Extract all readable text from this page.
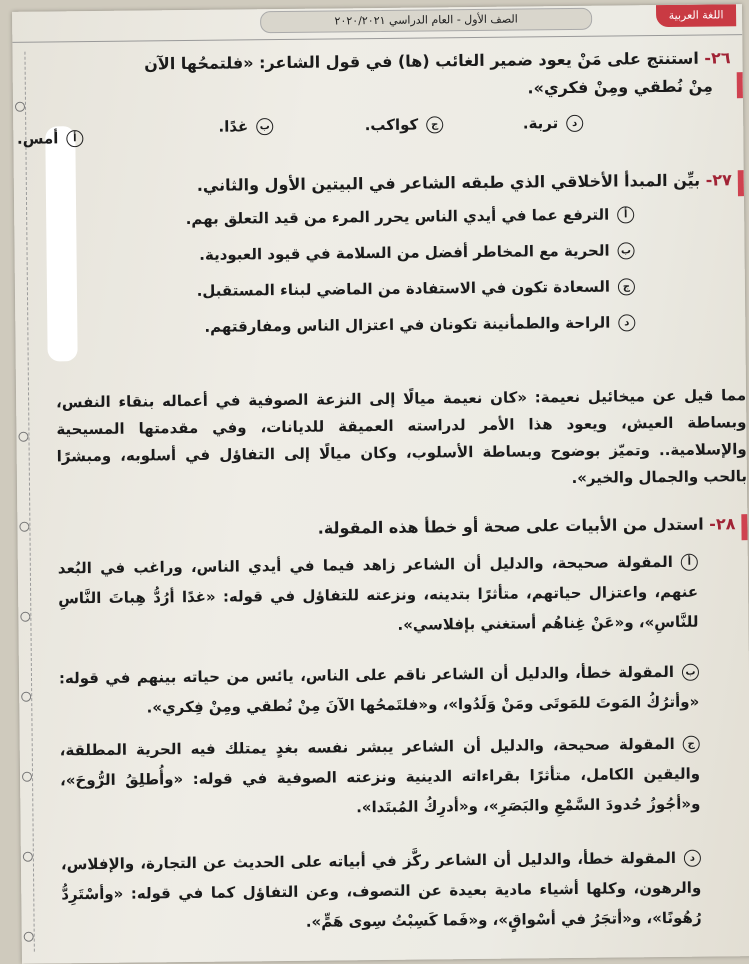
الصف الأول - العام الدراسي ٢٠٢٠/٢٠٢١	اللغة العربية
٢٦- استنتج على مَنْ يعود ضمير الغائب (ها) في قول الشاعر: «فلتمحُها الآن
مِنْ نُطقي ومِنْ فكري».
أأمس.
بغدًا.	جكواكب.	دتربة.
٢٧- بيِّن المبدأ الأخلاقي الذي طبقه الشاعر في البيتين الأول والثاني.
أالترفع عما في أيدي الناس يحرر المرء من قيد التعلق بهم.
بالحرية مع المخاطر أفضل من السلامة في قيود العبودية.
جالسعادة تكون في الاستفادة من الماضي لبناء المستقبل.
دالراحة والطمأنينة تكونان في اعتزال الناس ومفارقتهم.
مما قيل عن ميخائيل نعيمة: «كان نعيمة ميالًا إلى النزعة الصوفية في أعماله بنقاء النفس، وبساطة العيش، ويعود هذا الأمر لدراسته العميقة للديانات، وفي مقدمتها المسيحية والإسلامية.. وتميّز بوضوح وبساطة الأسلوب، وكان ميالًا إلى التفاؤل في أسلوبه، ومبشرًا بالحب والجمال والخير».
٢٨- استدل من الأبيات على صحة أو خطأ هذه المقولة.
أالمقولة صحيحة، والدليل أن الشاعر زاهد فيما في أيدي الناس، وراغب في البُعد عنهم، واعتزال حياتهم، متأثرًا بتدينه، ونزعته للتفاؤل في قوله: «غدًا أرُدُّ هِباتَ النَّاسِ للنَّاسِ»، و«عَنْ غِناهُم أستغني بإفلاسي».
بالمقولة خطأ، والدليل أن الشاعر ناقم على الناس، يائس من حياته بينهم في قوله: «وأترُكُ المَوتَ للمَوتَى ومَنْ وَلَدُوا»، و«فلتَمحُها الآنَ مِنْ نُطقي ومِنْ فِكري».
جالمقولة صحيحة، والدليل أن الشاعر يبشر نفسه بغدٍ يمتلك فيه الحرية المطلقة، واليقين الكامل، متأثرًا بقراءاته الدينية ونزعته الصوفية في قوله: «وأُطلِقُ الرُّوحَ»، و«أجُوزُ حُدودَ السَّمْعِ والبَصَرِ»، و«أدرِكُ المُبتَدا».
دالمقولة خطأ، والدليل أن الشاعر ركَّز في أبياته على الحديث عن التجارة، والإفلاس، والرهون، وكلها أشياء مادية بعيدة عن التصوف، وعن التفاؤل كما في قوله: «وأسْتَرِدُّ رُهُونًا»، و«أتجَرُ في أسْواقٍ»، و«فَما كَسِبْتُ سِوى هَمٍّ».
